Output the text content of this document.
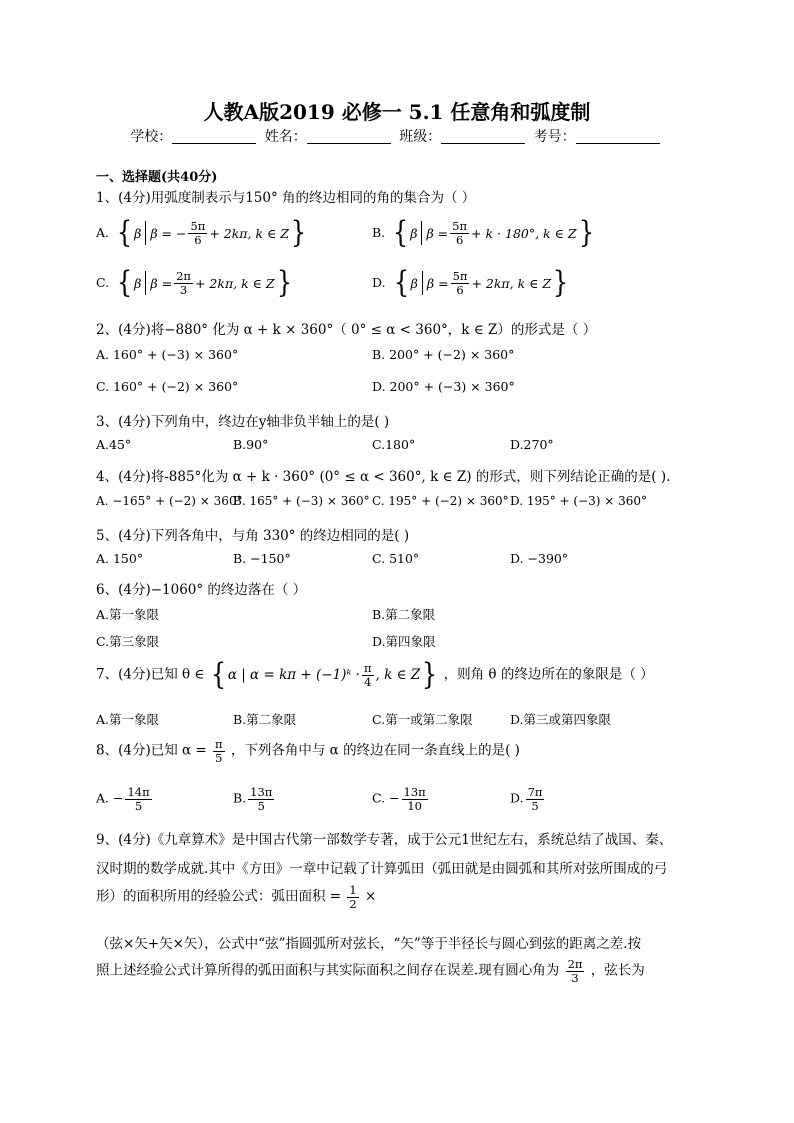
人教A版2019 必修一 5.1 任意角和弧度制
学校：	姓名：	班级：	考号：
一、选择题(共40分)
1、(4分)用弧度制表示与150° 角的终边相同的角的集合为（ ）
A. { β β = − $\frac{5\pi}{6} + 2k\pi$, k ∈ Z }	B. { β $\beta = \frac{5\pi}{6} + k \cdot 180^\circ$, k ∈ Z }
C. { β $\beta = \frac{2\pi}{3} + 2k\pi$, k ∈ Z }	D. { β $\beta = \frac{5\pi}{6} + 2k\pi$, k ∈ Z }
2、(4分)将−880° 化为 α + k × 360°（ 0° ≤ α < 360°，k ∈ Z）的形式是（ ）
A. 160° + (−3) × 360°	B. 200° + (−2) × 360°
C. 160° + (−2) × 360°	D. 200° + (−3) × 360°
3、(4分)下列角中，终边在y轴非负半轴上的是( )
A.45°	B.90°	C.180°	D.270°
4、(4分)将-885°化为 α + k · 360° (0° ≤ α < 360°, k ∈ Z) 的形式，则下列结论正确的是( ).
A. −165° + (−2) × 360°
B. 165° + (−3) × 360° C. 195° + (−2) × 360° D. 195° + (−3) × 360°
5、(4分)下列各角中，与角 330° 的终边相同的是( )
A. 150°	B. −150°	C. 510°	D. −390°
6、(4分)−1060° 的终边落在（ ）
A.第一象限	B.第二象限
C.第三象限	D.第四象限
7、(4分)已知 θ ∈ { α | α = kπ + (−1)ᵏ · $\frac{\pi}{4}$ , k ∈ Z } ，则角 θ 的终边所在的象限是（ ）
A.第一象限	B.第二象限	C.第一或第二象限	D.第三或第四象限
8、(4分)已知 $\alpha = \frac{\pi}{5}$ ，下列各角中与 α 的终边在同一条直线上的是( )
A. − $\frac{14\pi}{5}$	B. $\frac{13\pi}{5}$	C. − $\frac{13\pi}{10}$	D. $\frac{7\pi}{5}$
9、(4分)《九章算术》是中国古代第一部数学专著，成于公元1世纪左右，系统总结了战国、秦、
汉时期的数学成就.其中《方田》一章中记载了计算弧田（弧田就是由圆弧和其所对弦所围成的弓
形）的面积所用的经验公式：弧田面积 = $\frac{1}{2}$ ×
（弦×矢+矢×矢），公式中“弦”指圆弧所对弦长，“矢”等于半径长与圆心到弦的距离之差.按
照上述经验公式计算所得的弧田面积与其实际面积之间存在误差.现有圆心角为 $\frac{2\pi}{3}$ ，弦长为
